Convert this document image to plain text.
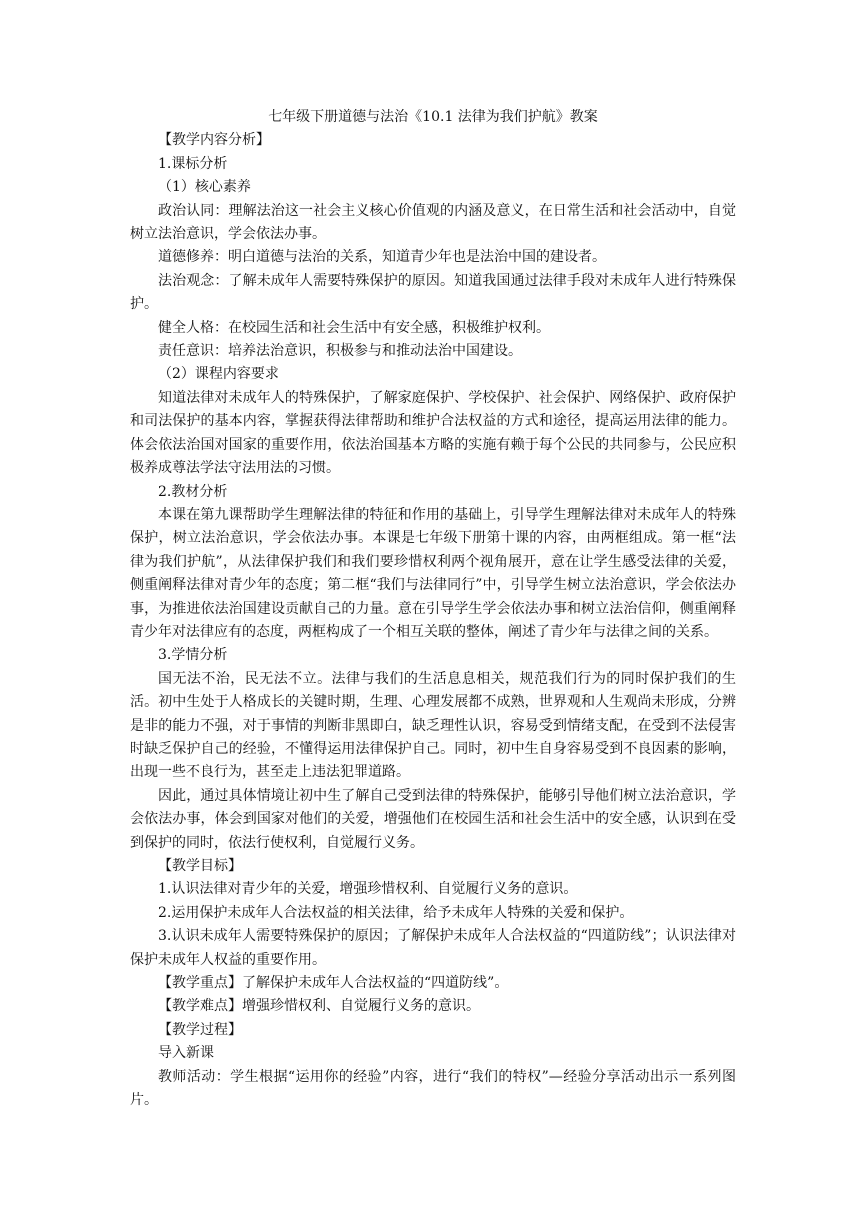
七年级下册道德与法治《10.1 法律为我们护航》教案

【教学内容分析】

1.课标分析

（1）核心素养

政治认同：理解法治这一社会主义核心价值观的内涵及意义，在日常生活和社会活动中，自觉树立法治意识，学会依法办事。

道德修养：明白道德与法治的关系，知道青少年也是法治中国的建设者。

法治观念：了解未成年人需要特殊保护的原因。知道我国通过法律手段对未成年人进行特殊保护。

健全人格：在校园生活和社会生活中有安全感，积极维护权利。

责任意识：培养法治意识，积极参与和推动法治中国建设。

（2）课程内容要求

知道法律对未成年人的特殊保护，了解家庭保护、学校保护、社会保护、网络保护、政府保护和司法保护的基本内容，掌握获得法律帮助和维护合法权益的方式和途径，提高运用法律的能力。体会依法治国对国家的重要作用，依法治国基本方略的实施有赖于每个公民的共同参与，公民应积极养成尊法学法守法用法的习惯。

2.教材分析

本课在第九课帮助学生理解法律的特征和作用的基础上，引导学生理解法律对未成年人的特殊保护，树立法治意识，学会依法办事。本课是七年级下册第十课的内容，由两框组成。第一框“法律为我们护航”，从法律保护我们和我们要珍惜权利两个视角展开，意在让学生感受法律的关爱，侧重阐释法律对青少年的态度；第二框“我们与法律同行”中，引导学生树立法治意识，学会依法办事，为推进依法治国建设贡献自己的力量。意在引导学生学会依法办事和树立法治信仰，侧重阐释青少年对法律应有的态度，两框构成了一个相互关联的整体，阐述了青少年与法律之间的关系。

3.学情分析

国无法不治，民无法不立。法律与我们的生活息息相关，规范我们行为的同时保护我们的生活。初中生处于人格成长的关键时期，生理、心理发展都不成熟，世界观和人生观尚未形成，分辨是非的能力不强，对于事情的判断非黑即白，缺乏理性认识，容易受到情绪支配，在受到不法侵害时缺乏保护自己的经验，不懂得运用法律保护自己。同时，初中生自身容易受到不良因素的影响，出现一些不良行为，甚至走上违法犯罪道路。

因此，通过具体情境让初中生了解自己受到法律的特殊保护，能够引导他们树立法治意识，学会依法办事，体会到国家对他们的关爱，增强他们在校园生活和社会生活中的安全感，认识到在受到保护的同时，依法行使权利，自觉履行义务。

【教学目标】

1.认识法律对青少年的关爱，增强珍惜权利、自觉履行义务的意识。

2.运用保护未成年人合法权益的相关法律，给予未成年人特殊的关爱和保护。

3.认识未成年人需要特殊保护的原因；了解保护未成年人合法权益的“四道防线”；认识法律对保护未成年人权益的重要作用。

【教学重点】了解保护未成年人合法权益的“四道防线”。

【教学难点】增强珍惜权利、自觉履行义务的意识。

【教学过程】

导入新课

教师活动：学生根据“运用你的经验”内容，进行“我们的特权”—经验分享活动出示一系列图片。
